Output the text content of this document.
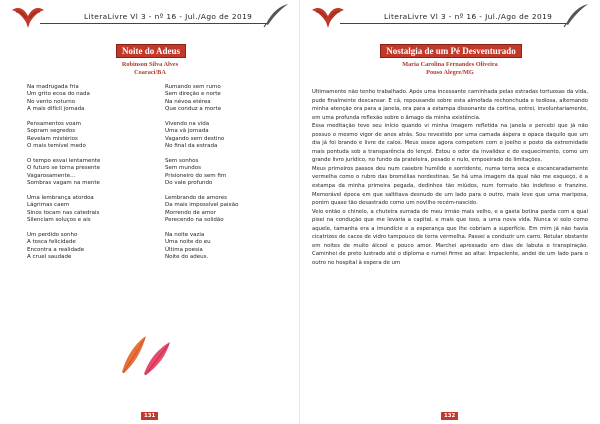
LiteraLivre Vl 3 - nº 16 - Jul./Ago de 2019
Noite do Adeus
Robinson Silva Alves
Coaraci/BA
Na madrugada fria
Um grito ecoa do nada
No vento noturno
A mais difícil jornada
Pensamentos voam
Sopram segredos
Revelam mistérios
O mais temível medo
O tempo esvai lentamente
O futuro se torna presente
Vagarosamente…
Sombras vagam na mente
Uma lembrança atordoa
Lágrimas caem
Sinos tocam nas catedrais
Silenciam soluços e ais
Um perdido sonho
A tosca felicidade
Encontra a realidade
A cruel saudade
Rumando sem rumo
Sem direção e norte
Na névoa etérea
Que conduz a morte
Vivendo na vida
Uma vã jornada
Vagando sem destino
No final da estrada
Sem sonhos
Sem mundos
Prisioneiro do sem fim
Do vale profundo
Lembrando de amores
Da mais impossível paixão
Morrendo de amor
Perecendo na solidão
Na noite vazia
Uma noite do eu
Última poesia
Noite do adeus.
131
LiteraLivre Vl 3 - nº 16 - Jul./Ago de 2019
Nostalgia de um Pé Desventurado
Maria Carolina Fernandes Oliveira
Pouso Alegre/MG

Ultimamente não tenho trabalhado. Após uma incessante caminhada pelas estradas tortuosas da vida, pude finalmente descansar. E cá, repousando sobre esta almofada rechonchuda e tediosa, alternando minha atenção ora para a janela, ora para a estampa dissonante da cortina, entrei, involuntariamente, em uma profunda reflexão sobre o âmago da minha existência.

Essa meditação teve seu início quando vi minha imagem refletida na janela e percebi que já não possuo o mesmo vigor de anos atrás. Sou revestido por uma camada áspera e opaca daquilo que um dia já foi brando e livre de calos. Meus ossos agora competem com o joelho e posto da extremidade mais pontuda sob a transparência do lençol. Estou o odor da invalidez e do esquecimento, como um grande livro jurídico, no fundo da prateleira, pesado e nulo, empoeirado de limitações.

Meus primeiros passos deu num casebre humilde e sorridente, numa terra seca e escancaradamente vermelha como o rubro das bromélias nordestinas. Se há uma imagem da qual não me esqueço, é a estampa da minha primeira pegada, dedinhos tão miúdos, num formato tão indefeso e franzino. Memorável época em que saltitava desnudo de um lado para o outro, mais leve que uma mariposa, porém quase tão desastrado como um novilho recém-nascido.

Veio então o chinelo, a chuteira surrada de meu irmão mais velho, e a gasta botina parda com a qual pisei na condução que me levaria a capital, e mais que isso, a uma nova vida. Nunca vi solo como aquele, tamanha era a imundície e a esperança que lhe cobriam a superfície. Em mim já não havia cicatrizes de cacos de vidro tampouco de terra vermelha. Passei a conduzir um carro. Retular obstante em noites de muito álcool e pouco amor. Marchei apressado em dias de labuta e transpiração. Caminhei de preto lustrado até o diploma e rumei firme ao altar. Impaciente, andei de um lado para o outro no hospital à espera de um

132
